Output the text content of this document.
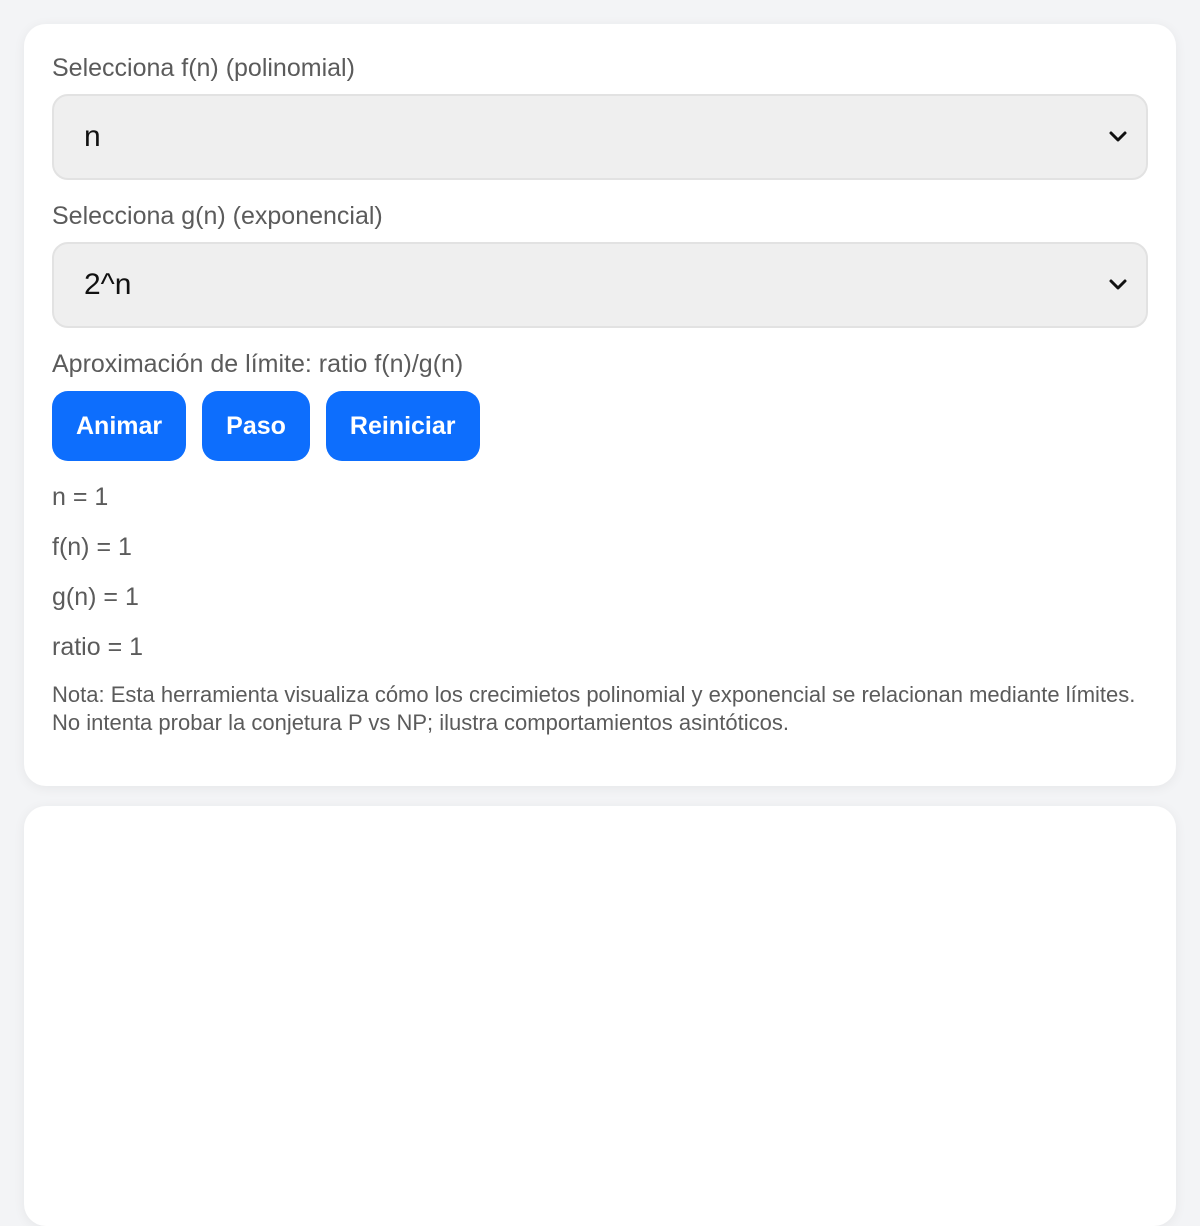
Selecciona f(n) (polinomial)
n
Selecciona g(n) (exponencial)
2^n
Aproximación de límite: ratio f(n)/g(n)
Animar	Paso	Reiniciar
n = 1
f(n) = 1
g(n) = 1
ratio = 1

Nota: Esta herramienta visualiza cómo los crecimietos polinomial y exponencial se relacionan mediante límites. No intenta probar la conjetura P vs NP; ilustra comportamientos asintóticos.
